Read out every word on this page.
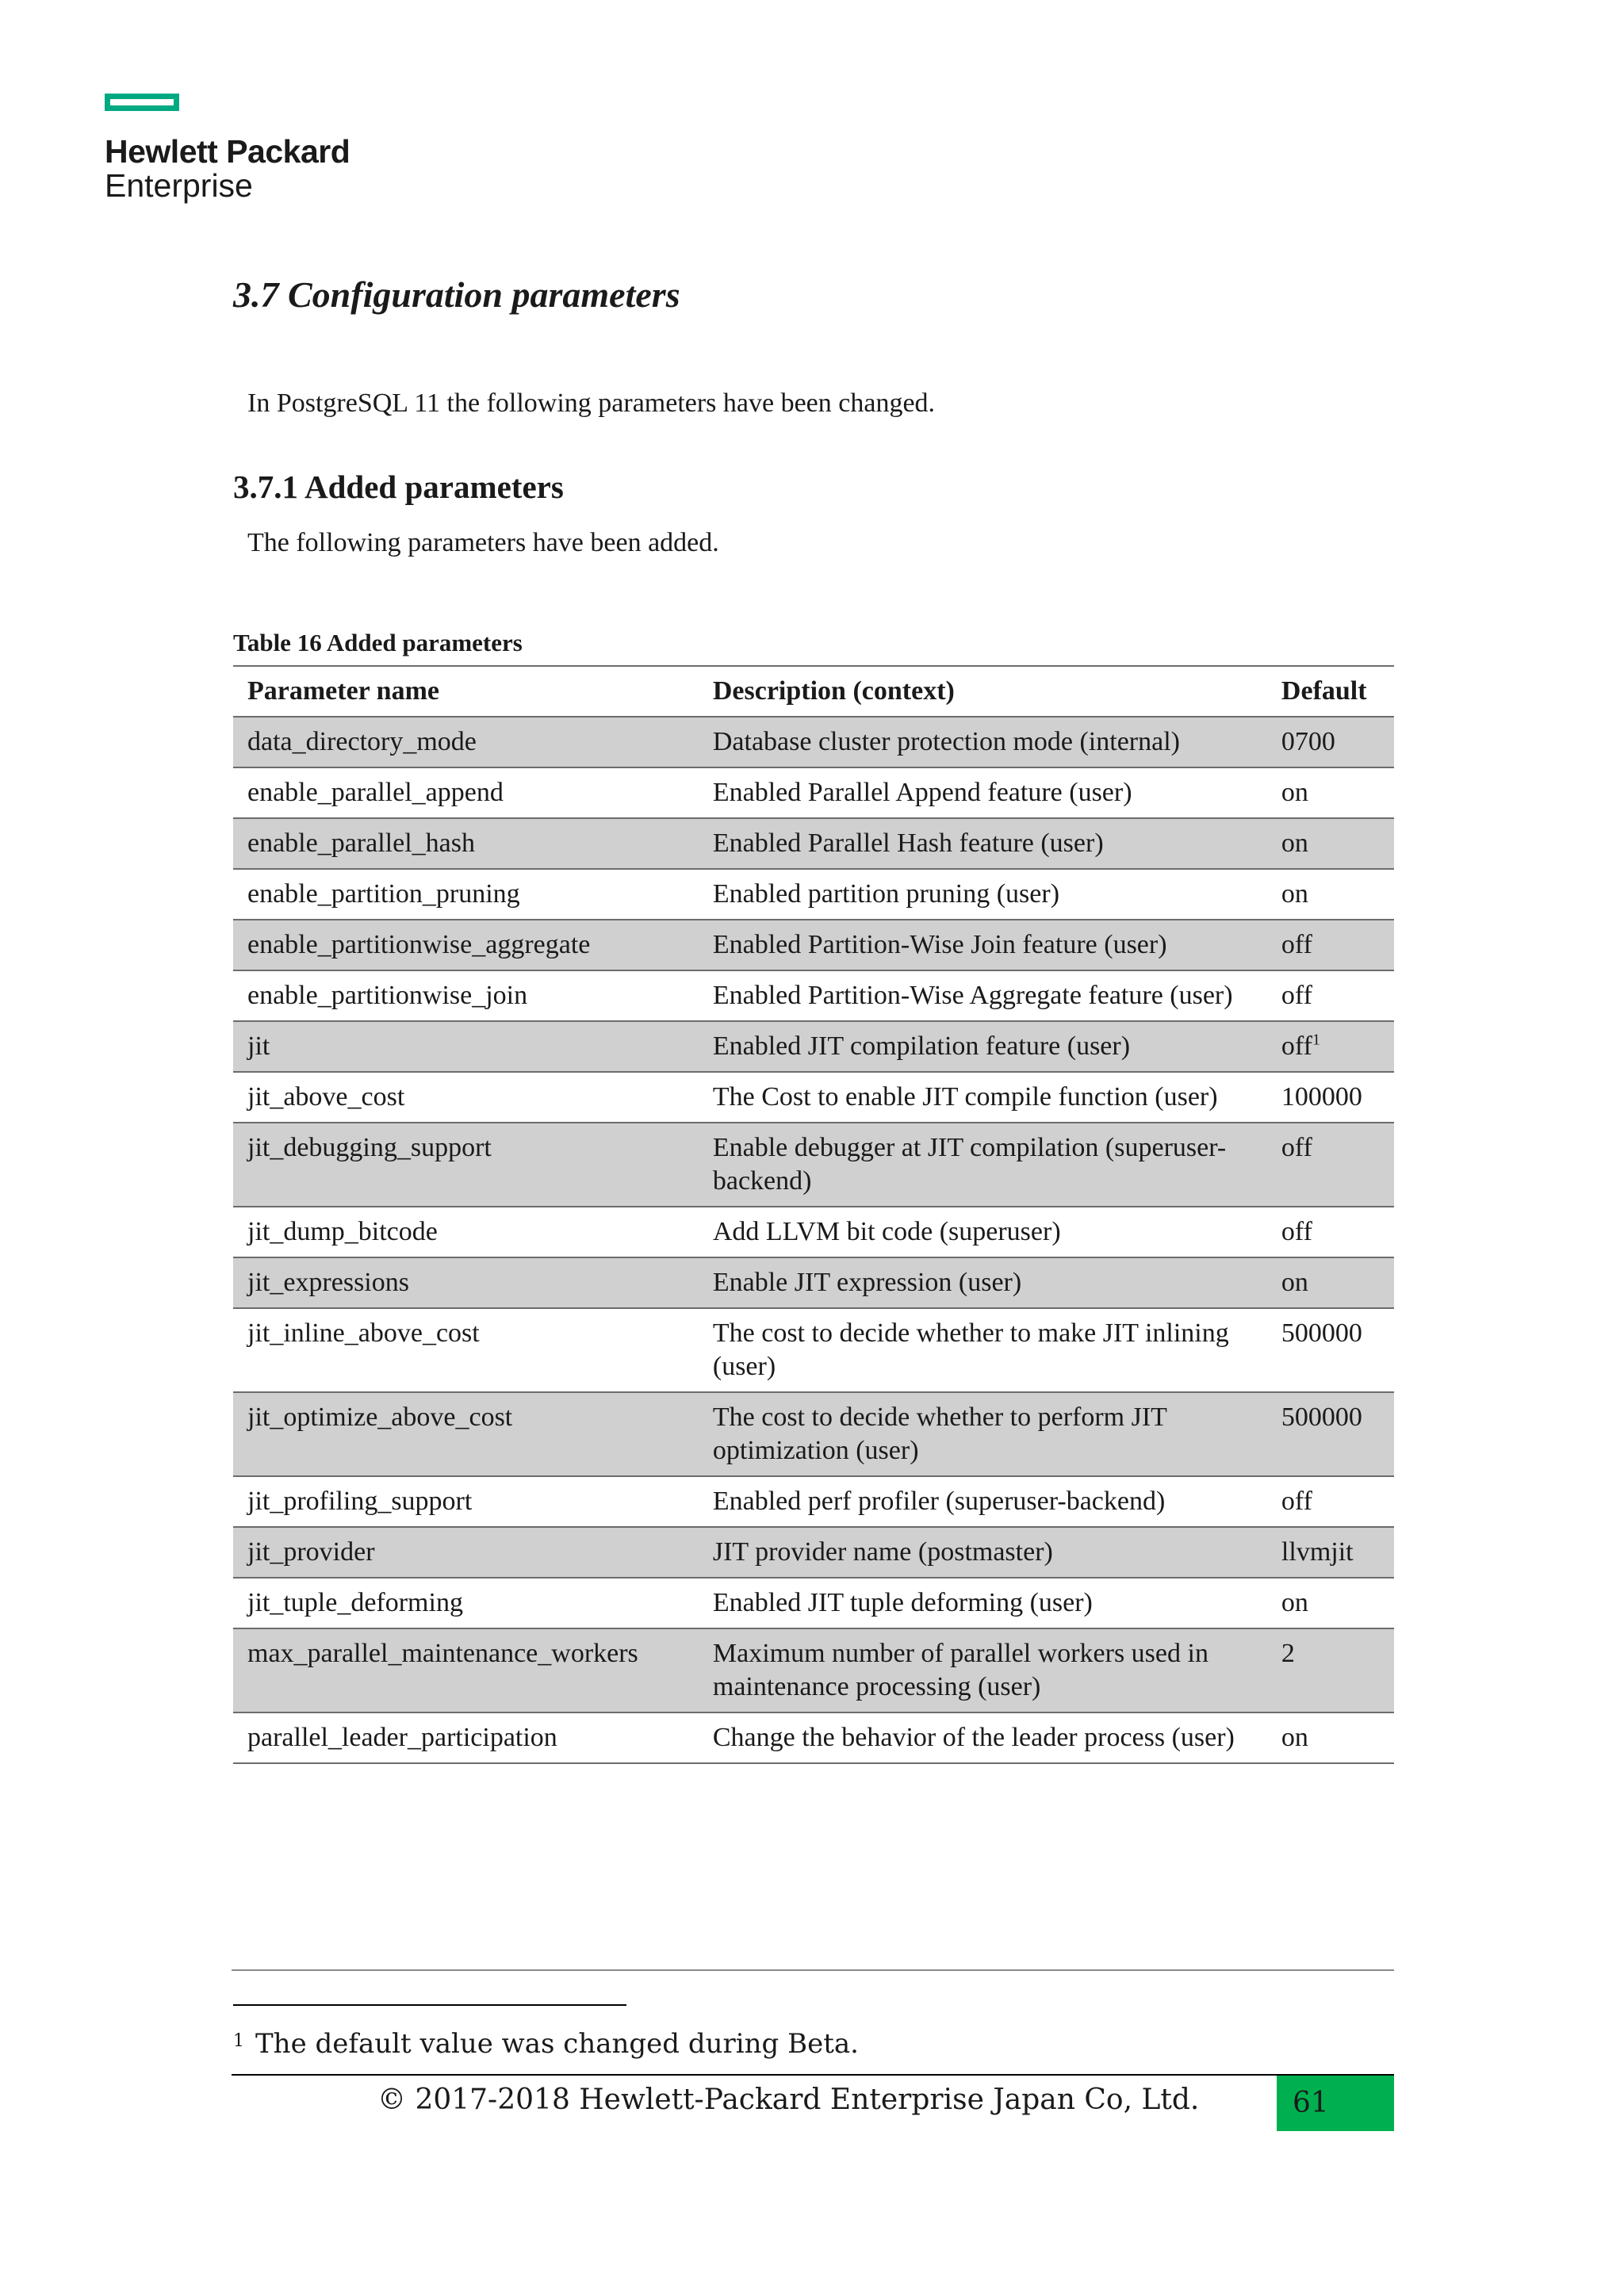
Hewlett Packard
Enterprise
3.7 Configuration parameters

In PostgreSQL 11 the following parameters have been changed.

3.7.1 Added parameters

The following parameters have been added.

Table 16 Added parameters

Parameter name	Description (context)	Default
data_directory_mode	Database cluster protection mode (internal)	0700
enable_parallel_append	Enabled Parallel Append feature (user)	on
enable_parallel_hash	Enabled Parallel Hash feature (user)	on
enable_partition_pruning	Enabled partition pruning (user)	on
enable_partitionwise_aggregate	Enabled Partition-Wise Join feature (user)	off
enable_partitionwise_join	Enabled Partition-Wise Aggregate feature (user)	off
jit	Enabled JIT compilation feature (user)	off$^1$
jit_above_cost	The Cost to enable JIT compile function (user)	100000
jit_debugging_support	Enable debugger at JIT compilation (superuser-backend)	off
jit_dump_bitcode	Add LLVM bit code (superuser)	off
jit_expressions	Enable JIT expression (user)	on
jit_inline_above_cost	The cost to decide whether to make JIT inlining (user)	500000
jit_optimize_above_cost	The cost to decide whether to perform JIT optimization (user)	500000
jit_profiling_support	Enabled perf profiler (superuser-backend)	off
jit_provider	JIT provider name (postmaster)	llvmjit
jit_tuple_deforming	Enabled JIT tuple deforming (user)	on
max_parallel_maintenance_workers	Maximum number of parallel workers used in maintenance processing (user)	2
parallel_leader_participation	Change the behavior of the leader process (user)	on

$^1$ The default value was changed during Beta.

© 2017-2018 Hewlett-Packard Enterprise Japan Co, Ltd.	61
